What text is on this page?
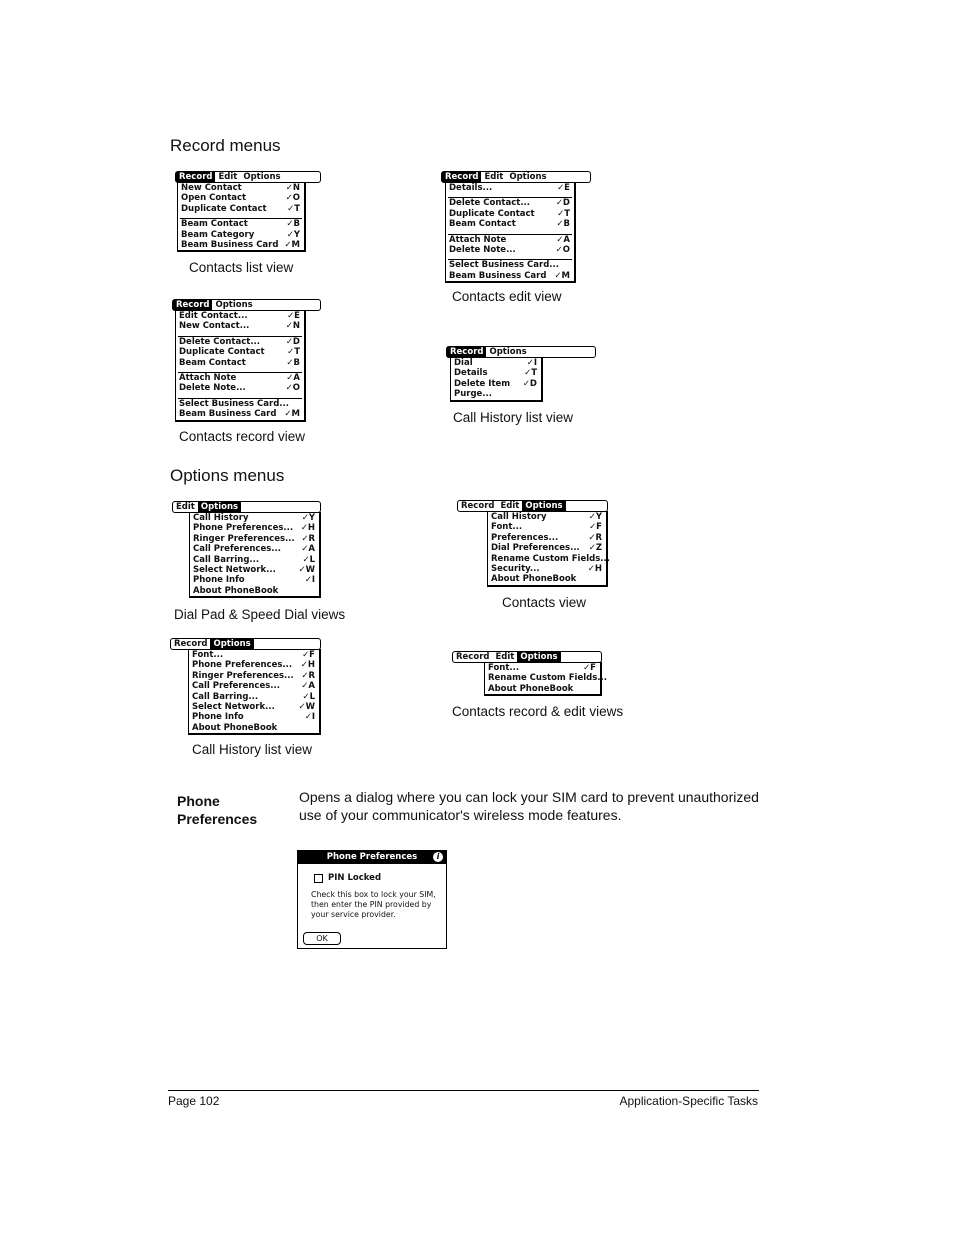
Record menus
Options menus
Record Edit Options
New Contact	✓N
Open Contact	✓O
Duplicate Contact ✓T
Beam Contact	✓B
Beam Category	✓Y
Beam Business Card ✓M
Contacts list view
Record Edit Options
Details...	✓E
Delete Contact...	✓D
Duplicate Contact	✓T
Beam Contact	✓B
Attach Note	✓A
Delete Note...	✓O
Select Business Card...
Beam Business Card ✓M
Contacts edit view
Record Options
Edit Contact...	✓E
New Contact...	✓N
Delete Contact...	✓D
Duplicate Contact	✓T
Beam Contact	✓B
Attach Note	✓A
Delete Note...	✓O
Select Business Card...
Beam Business Card ✓M
Contacts record view
Record Options
Dial	✓I
Details	✓T
Delete Item ✓D
Purge...
Call History list view
Edit Options
Call History	✓Y
Phone Preferences... ✓H
Ringer Preferences... ✓R
Call Preferences... ✓A
Call Barring...	✓L
Select Network...	✓W
Phone Info	✓I
About PhoneBook
Dial Pad & Speed Dial views
Record Edit Options
Call History	✓Y
Font...	✓F
Preferences...	✓R
Dial Preferences... ✓Z
Rename Custom Fields...
Security...	✓H
About PhoneBook
Contacts view
Record Options
Font...	✓F
Phone Preferences... ✓H
Ringer Preferences... ✓R
Call Preferences...	✓A
Call Barring...	✓L
Select Network...	✓W
Phone Info	✓I
About PhoneBook
Call History list view
Record Edit Options
Font...	✓F
Rename Custom Fields...
About PhoneBook
Contacts record & edit views
Phone Preferences
Opens a dialog where you can lock your SIM card to prevent unauthorized use of your communicator's wireless mode features.
Phone Preferences	i
PIN Locked
Check this box to lock your SIM, then enter the PIN provided by your service provider.
OK
Page 102	Application-Specific Tasks
